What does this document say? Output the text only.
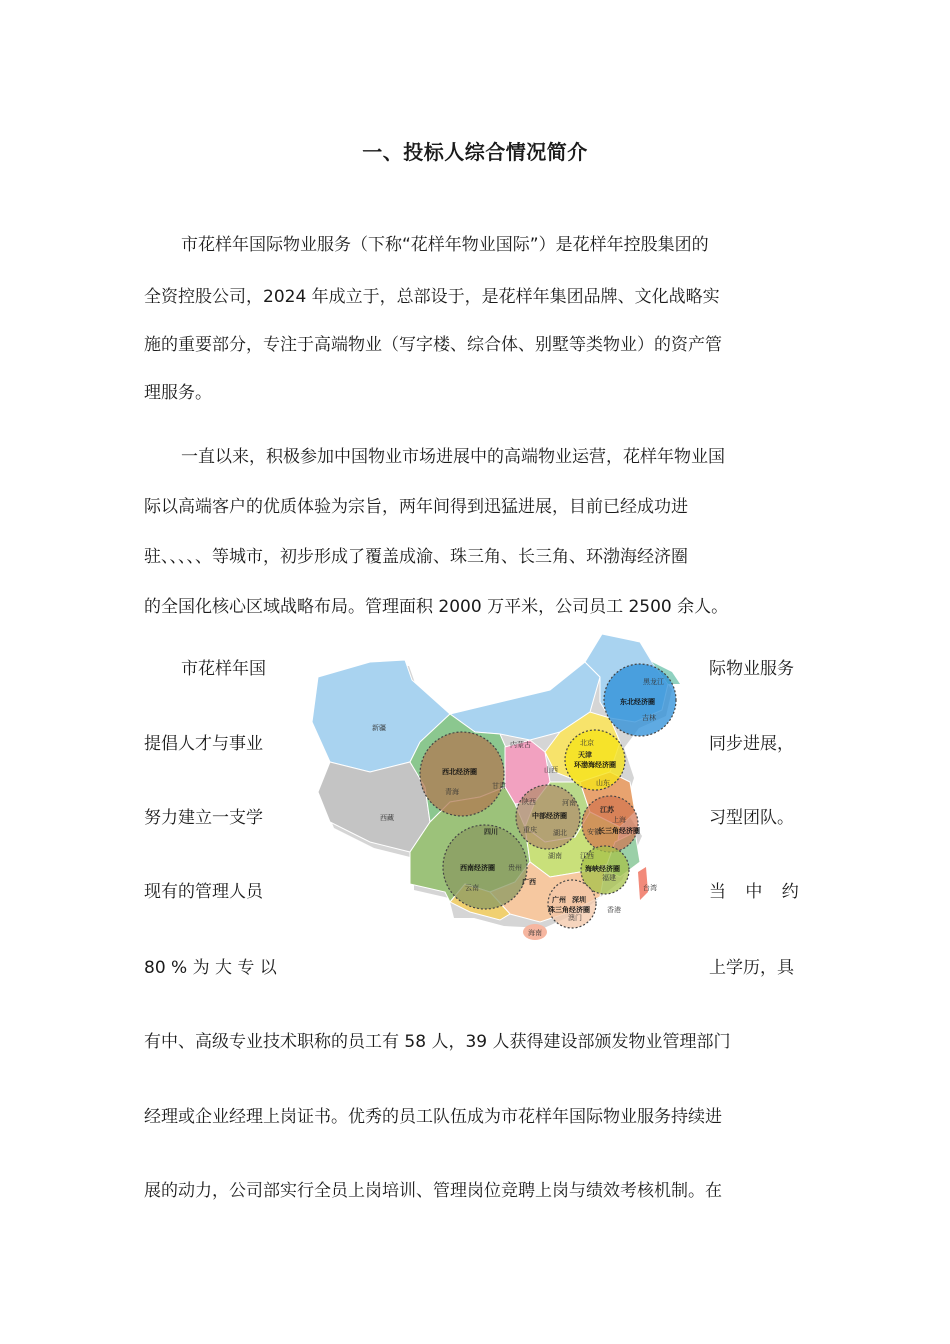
一、投标人综合情况简介
市花样年国际物业服务（下称“花样年物业国际”）是花样年控股集团的
全资控股公司，2024 年成立于，总部设于，是花样年集团品牌、文化战略实
施的重要部分，专注于高端物业（写字楼、综合体、别墅等类物业）的资产管
理服务。
一直以来，积极参加中国物业市场进展中的高端物业运营，花样年物业国
际以高端客户的优质体验为宗旨，两年间得到迅猛进展，目前已经成功进
驻、、、、、等城市，初步形成了覆盖成渝、珠三角、长三角、环渤海经济圈
的全国化核心区域战略布局。管理面积 2000 万平米，公司员工 2500 余人。
市花样年国
提倡人才与事业
努力建立一支学
现有的管理人员
80 % 为 大 专 以
际物业服务
同步进展，
习型团队。
当 中 约
上学历，具
新疆
西藏
青海
内蒙古
甘肃
黑龙江
吉林
北京
山西
山东
陕西	河南
重庆 湖北
上海
安徽
湖南	江西
福建
贵州
云南	台湾
海南
香港
澳门
四川
天津
江苏
广西
广州 深圳
东北经济圈
环渤海经济圈
西北经济圈
中部经济圈
长三角经济圈
西南经济圈	海峡经济圈
珠三角经济圈
有中、高级专业技术职称的员工有 58 人，39 人获得建设部颁发物业管理部门
经理或企业经理上岗证书。优秀的员工队伍成为市花样年国际物业服务持续进
展的动力，公司部实行全员上岗培训、管理岗位竞聘上岗与绩效考核机制。在
